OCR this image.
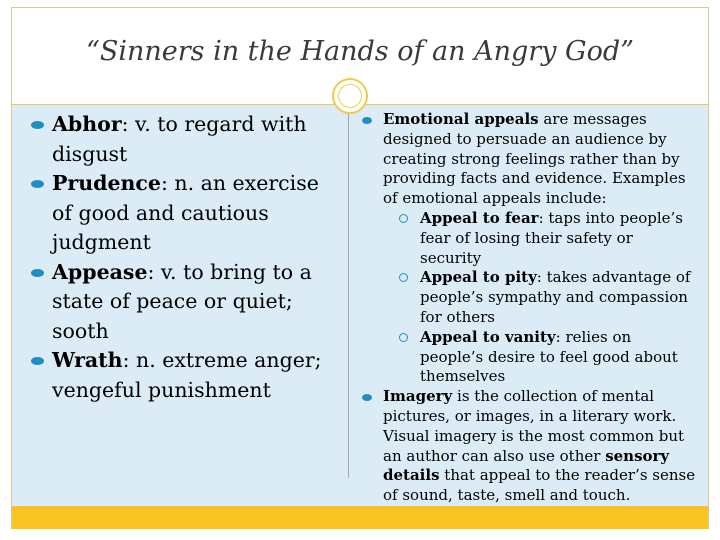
“Sinners in the Hands of an Angry God”
Abhor: v. to regard with disgust
Prudence: n. an exercise of good and cautious judgment
Appease: v. to bring to a state of peace or quiet; sooth
Wrath: n. extreme anger; vengeful punishment
Emotional appeals are messages designed to persuade an audience by creating strong feelings rather than by providing facts and evidence. Examples of emotional appeals include:
Appeal to fear: taps into people’s fear of losing their safety or security
Appeal to pity: takes advantage of people’s sympathy and compassion for others
Appeal to vanity: relies on people’s desire to feel good about themselves
Imagery is the collection of mental pictures, or images, in a literary work. Visual imagery is the most common but an author can also use other sensory details that appeal to the reader’s sense of sound, taste, smell and touch.
